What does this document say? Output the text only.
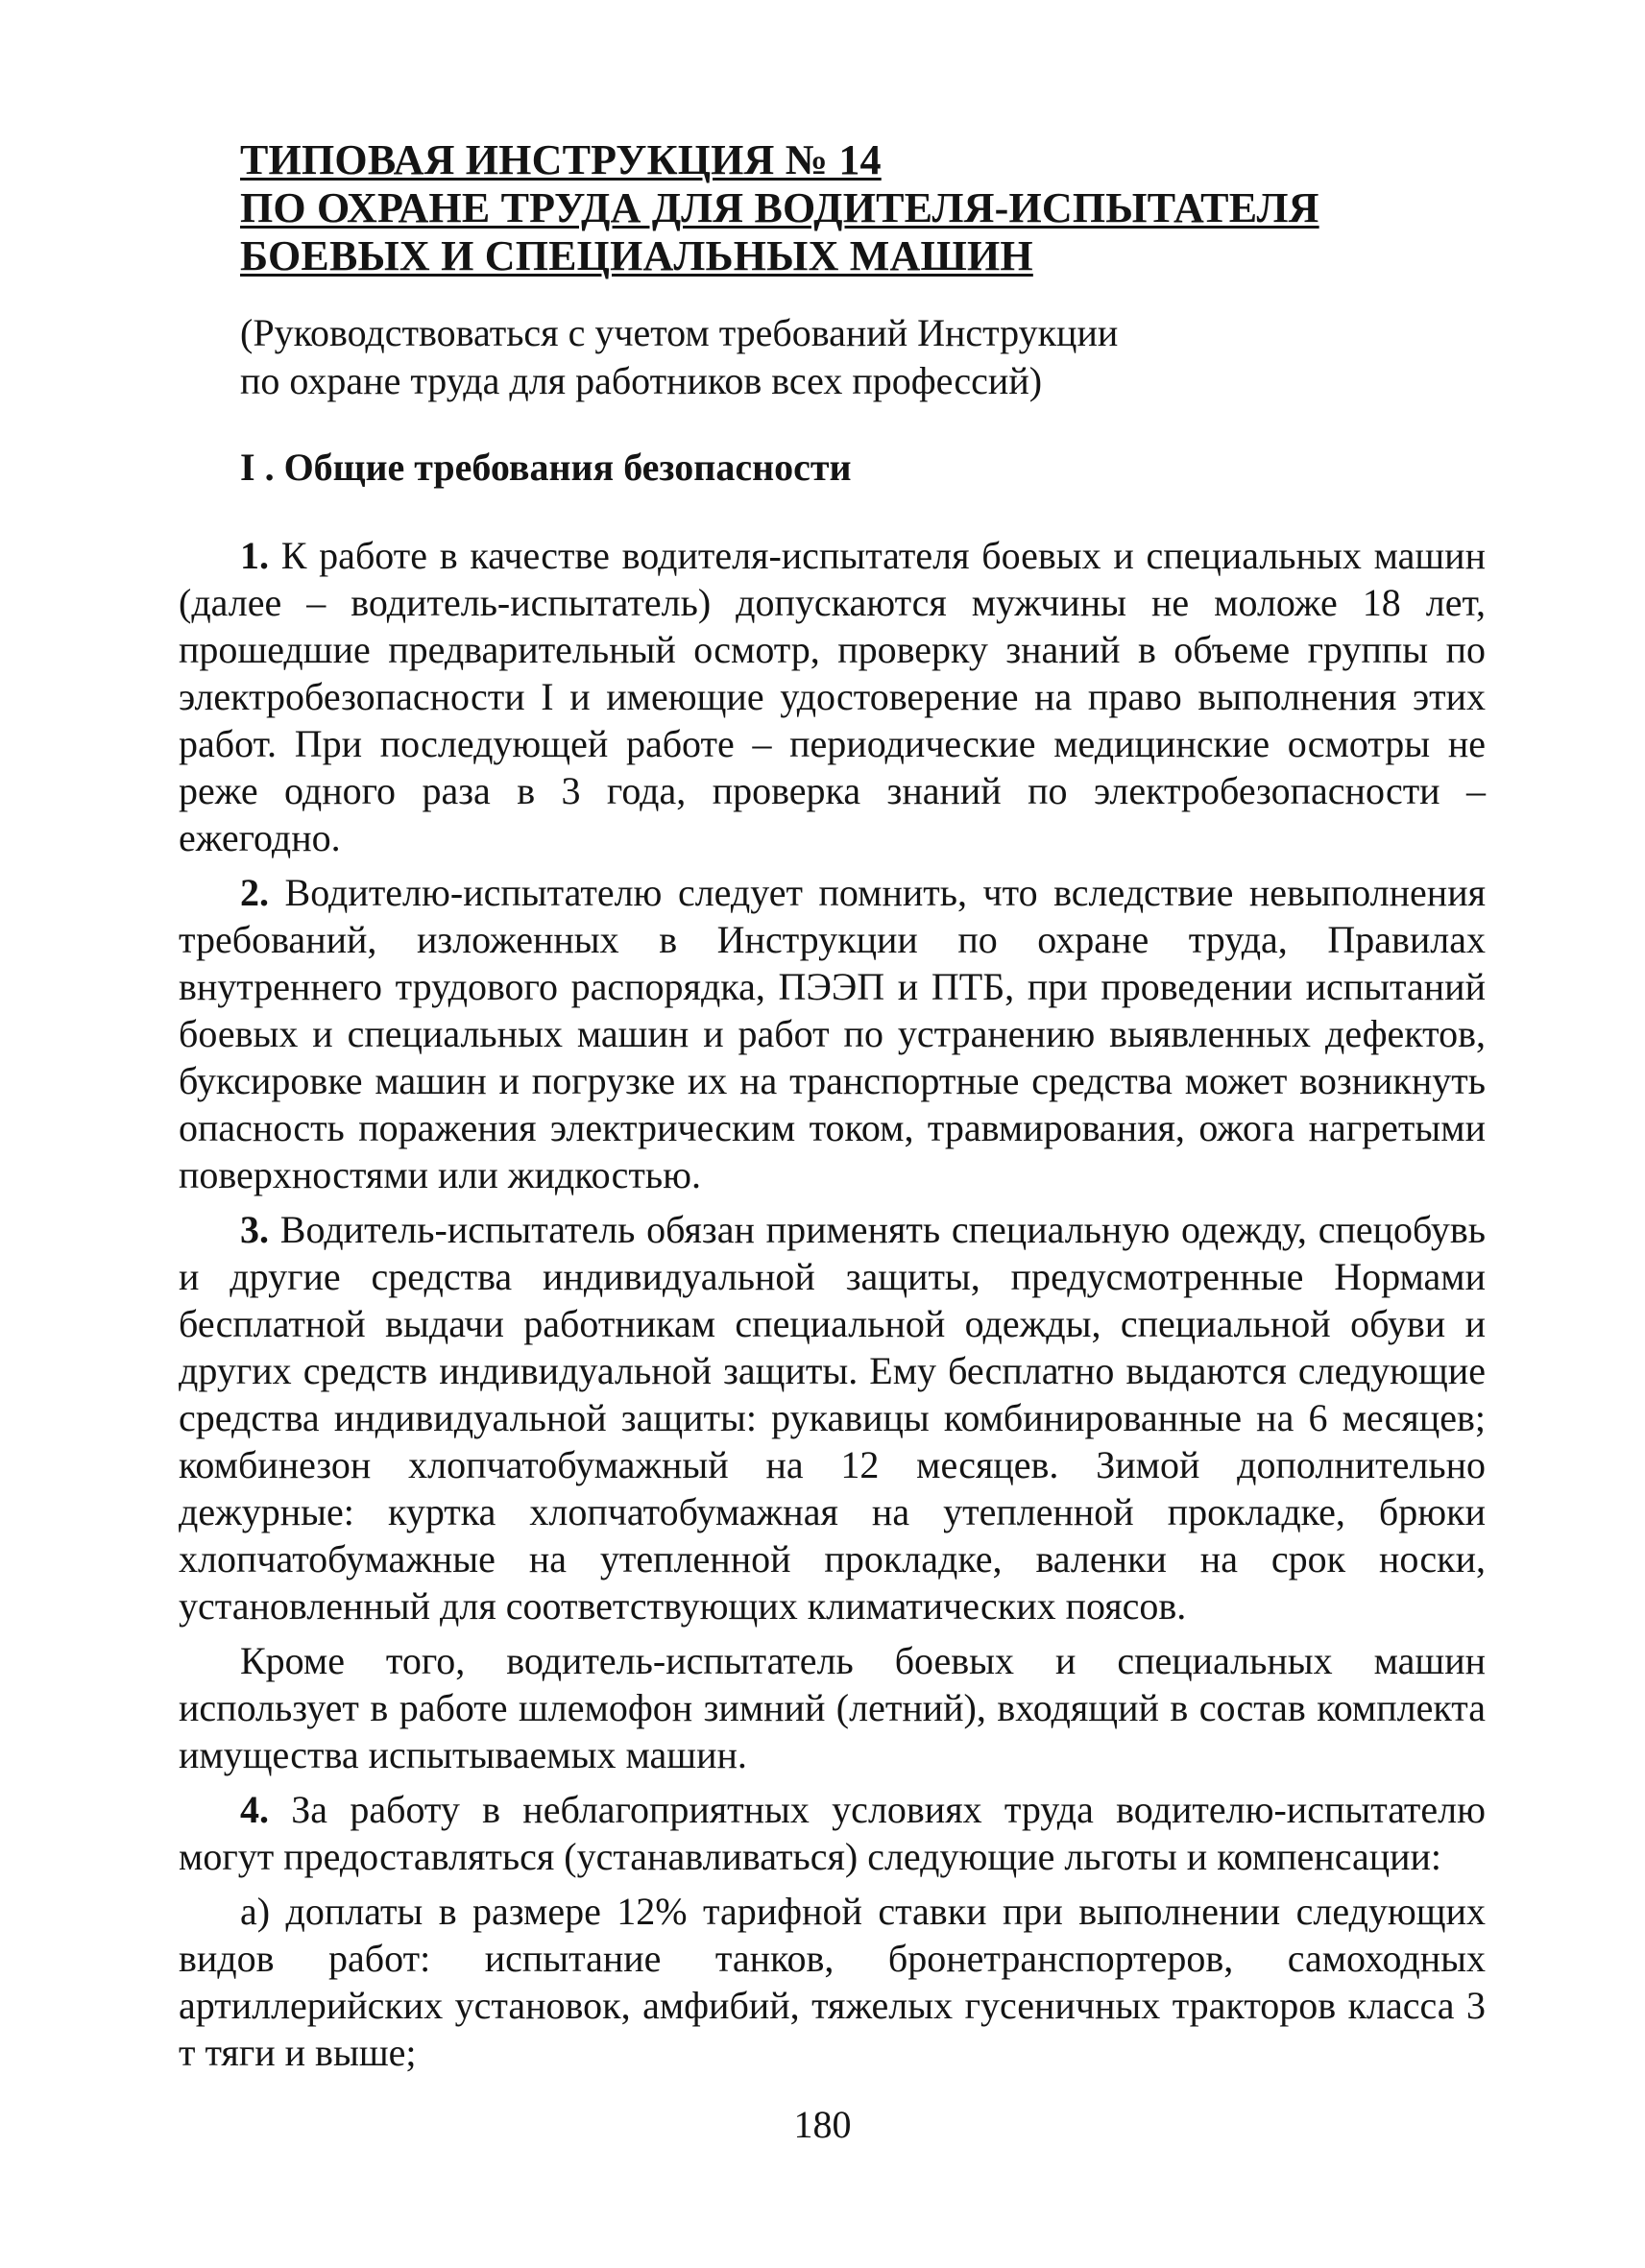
ТИПОВАЯ ИНСТРУКЦИЯ № 14
ПО ОХРАНЕ ТРУДА ДЛЯ ВОДИТЕЛЯ-ИСПЫТАТЕЛЯ
БОЕВЫХ И СПЕЦИАЛЬНЫХ МАШИН
(Руководствоваться с учетом требований Инструкции
по охране труда для работников всех профессий)
I . Общие требования безопасности

1. К работе в качестве водителя-испытателя боевых и специальных машин (далее – водитель-испытатель) допускаются мужчины не моложе 18 лет, прошедшие предварительный осмотр, проверку знаний в объеме группы по электробезопасности I и имеющие удостоверение на право выполнения этих работ. При последующей работе – периодические медицинские осмотры не реже одного раза в 3 года, проверка знаний по электробезопасности – ежегодно.

2. Водителю-испытателю следует помнить, что вследствие невыполнения требований, изложенных в Инструкции по охране труда, Правилах внутреннего трудового распорядка, ПЭЭП и ПТБ, при проведении испытаний боевых и специальных машин и работ по устранению выявленных дефектов, буксировке машин и погрузке их на транспортные средства может возникнуть опасность поражения электрическим током, травмирования, ожога нагретыми поверхностями или жидкостью.

3. Водитель-испытатель обязан применять специальную одежду, спецобувь и другие средства индивидуальной защиты, предусмотренные Нормами бесплатной выдачи работникам специальной одежды, специальной обуви и других средств индивидуальной защиты. Ему бесплатно выдаются следующие средства индивидуальной защиты: рукавицы комбинированные на 6 месяцев; комбинезон хлопчатобумажный на 12 месяцев. Зимой дополнительно дежурные: куртка хлопчатобумажная на утепленной прокладке, брюки хлопчатобумажные на утепленной прокладке, валенки на срок носки, установленный для соответствующих климатических поясов.

Кроме того, водитель-испытатель боевых и специальных машин использует в работе шлемофон зимний (летний), входящий в состав комплекта имущества испытываемых машин.

4. За работу в неблагоприятных условиях труда водителю-испытателю могут предоставляться (устанавливаться) следующие льготы и компенсации:

а) доплаты в размере 12% тарифной ставки при выполнении следующих видов работ: испытание танков, бронетранспортеров, самоходных артиллерийских установок, амфибий, тяжелых гусеничных тракторов класса 3 т тяги и выше;

180
